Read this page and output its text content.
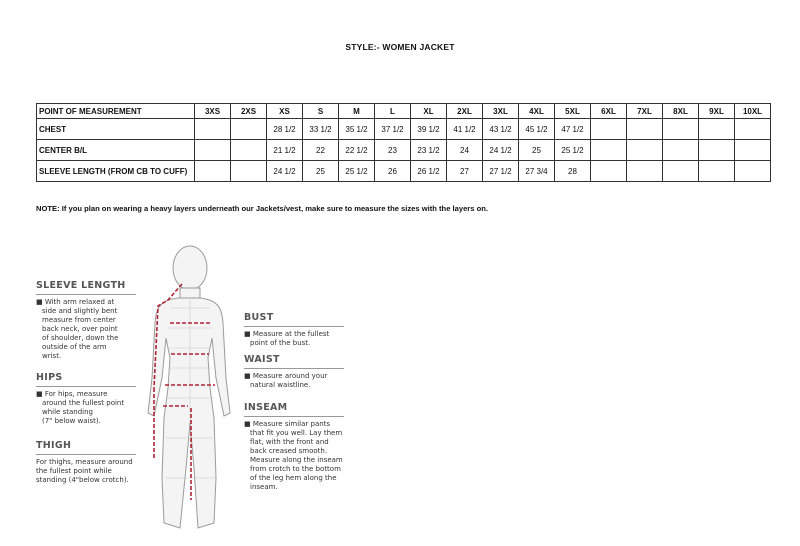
STYLE:- WOMEN JACKET
POINT OF MEASUREMENT	3XS	2XS	XS	S	M	L	XL	2XL	3XL	4XL	5XL	6XL	7XL	8XL	9XL	10XL
CHEST			28 1/2	33 1/2	35 1/2	37 1/2	39 1/2	41 1/2	43 1/2	45 1/2	47 1/2					
CENTER B/L			21 1/2	22	22 1/2	23	23 1/2	24	24 1/2	25	25 1/2					
SLEEVE LENGTH (FROM CB TO CUFF)			24 1/2	25	25 1/2	26	26 1/2	27	27 1/2	27 3/4	28					
NOTE: If you plan on wearing a heavy layers underneath our Jackets/vest, make sure to measure the sizes with the layers on.
SLEEVE LENGTH
■ With arm relaxed at
side and slightly bent
measure from center
back neck, over point
of shoulder, down the
outside of the arm
wrist.
HIPS
■ For hips, measure
around the fullest point
while standing
(7" below waist).
THIGH
For thighs, measure around
the fullest point while
standing (4"below crotch).
BUST
■ Measure at the fullest
point of the bust.
WAIST
■ Measure around your
natural waistline.
INSEAM
■ Measure similar pants
that fit you well. Lay them
flat, with the front and
back creased smooth.
Measure along the inseam
from crotch to the bottom
of the leg hem along the
inseam.
